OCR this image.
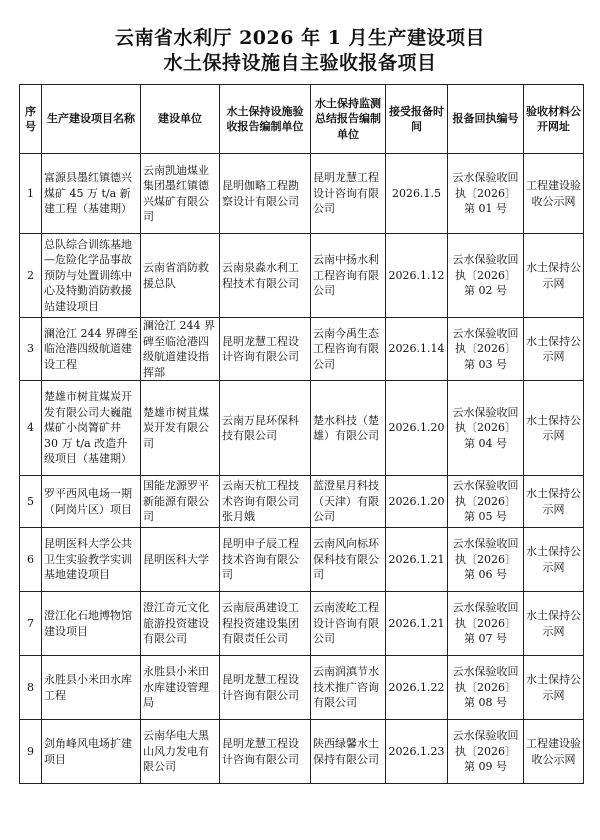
云南省水利厅 2026 年 1 月生产建设项目
水土保持设施自主验收报备项目
序号	生产建设项目名称	建设单位	水土保持设施验收报告编制单位	水土保持监测总结报告编制单位	接受报备时间	报备回执编号	验收材料公开网址
1	富源县墨红镇德兴煤矿 45 万 t/a 新建工程（基建期）	云南凯迪煤业集团墨红镇德兴煤矿有限公司	昆明伽略工程勘察设计有限公司	昆明龙慧工程设计咨询有限公司	2026.1.5	云水保验收回执〔2026〕第 01 号	工程建设验收公示网
2	总队综合训练基地—危险化学品事故预防与处置训练中心及特勤消防救援站建设项目	云南省消防救援总队	云南泉淼水利工程技术有限公司	云南中扬水利工程咨询有限公司	2026.1.12	云水保验收回执〔2026〕第 02 号	水土保持公示网
3	澜沧江 244 界碑至临沧港四级航道建设工程	澜沧江 244 界碑至临沧港四级航道建设指挥部	昆明龙慧工程设计咨询有限公司	云南今禹生态工程咨询有限公司	2026.1.14	云水保验收回执〔2026〕第 03 号	水土保持公示网
4	楚雄市树苴煤炭开发有限公司大巍龍煤矿小岗箐矿井 30 万 t/a 改造升级项目（基建期）	楚雄市树苴煤炭开发有限公司	云南万昆环保科技有限公司	楚水科技（楚雄）有限公司	2026.1.20	云水保验收回执〔2026〕第 04 号	水土保持公示网
5	罗平西风电场一期（阿岗片区）项目	国能龙源罗平新能源有限公司	云南天杭工程技术咨询有限公司张月娥	蓝澄星月科技（天津）有限公司	2026.1.20	云水保验收回执〔2026〕第 05 号	水土保持公示网
6	昆明医科大学公共卫生实验教学实训基地建设项目	昆明医科大学	昆明申子辰工程技术咨询有限公司	云南风向标环保科技有限公司	2026.1.21	云水保验收回执〔2026〕第 06 号	水土保持公示网
7	澄江化石地博物馆建设项目	澄江奇元文化旅游投资建设有限公司	云南辰禹建设工程投资建设集团有限责任公司	云南淩屹工程设计咨询有限公司	2026.1.21	云水保验收回执〔2026〕第 07 号	水土保持公示网
8	永胜县小米田水库工程	永胜县小米田水库建设管理局	昆明龙慧工程设计咨询有限公司	云南润滇节水技术推广咨询有限公司	2026.1.22	云水保验收回执〔2026〕第 08 号	水土保持公示网
9	剑角峰风电场扩建项目	云南华电大黑山风力发电有限公司	昆明龙慧工程设计咨询有限公司	陕西绿馨水土保持有限公司	2026.1.23	云水保验收回执〔2026〕第 09 号	工程建设验收公示网
